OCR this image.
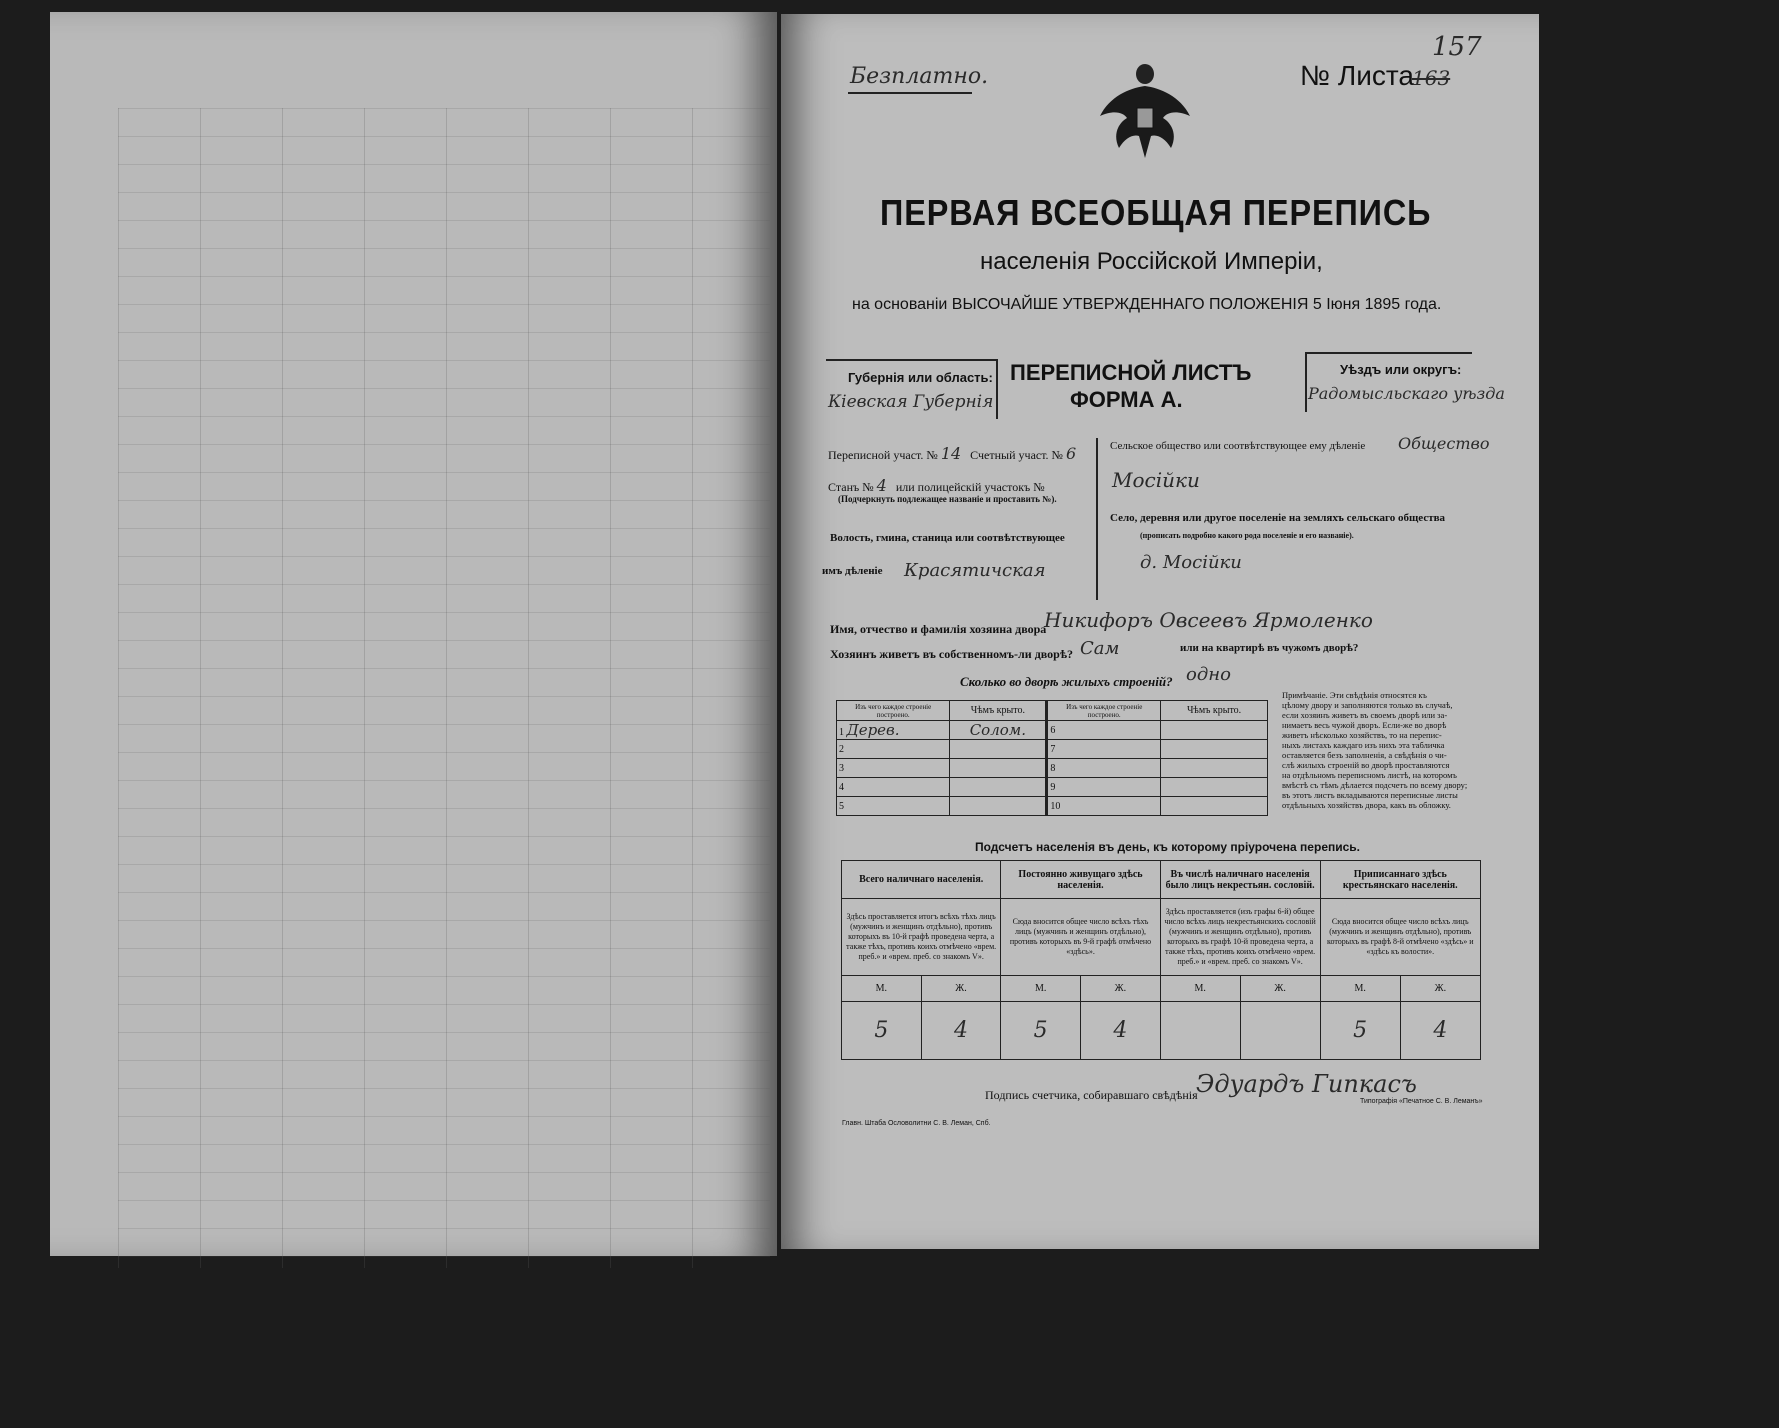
Безплатно.	№ Листа
163
157
ПЕРВАЯ ВСЕОБЩАЯ ПЕРЕПИСЬ
населенія Россійской Имперіи,
на основаніи ВЫСОЧАЙШЕ УТВЕРЖДЕННАГО ПОЛОЖЕНІЯ 5 Іюня 1895 года.
Губернія или область:
Кіевская Губернія
ПЕРЕПИСНОЙ ЛИСТЪ
ФОРМА А.
Уѣздъ или округъ:
Радомысльскаго уѣзда
Переписной участ. № 14 Счетный участ. № 6
Станъ № 4 или полицейскій участокъ №
(Подчеркнуть подлежащее названіе и проставить №).
Волость, гмина, станица или соотвѣтствующее
имъ дѣленіе Красятичская
Сельское общество или соотвѣтствующее ему дѣленіе Общество
Мосійки
Село, деревня или другое поселеніе на земляхъ сельскаго общества
(прописать подробно какого рода поселеніе и его названіе).
д. Мосійки
Имя, отчество и фамилія хозяина двора
Никифоръ Овсеевъ Ярмоленко
Хозяинъ живетъ въ собственномъ-ли дворѣ? Сам	или на квартирѣ въ чужомъ дворѣ?
Сколько во дворѣ жилыхъ строеній? одно
Изъ чего каждое строеніе построено.	Чѣмъ крыто.	Изъ чего каждое строеніе построено.	Чѣмъ крыто.
1 Дерев.	Солом.	6	
2		7	
3		8	
4		9	
5		10	
Примѣчаніе. Эти свѣдѣнія относятся къ
цѣлому двору и заполняются только въ случаѣ,
если хозяинъ живетъ въ своемъ дворѣ или за-
нимаетъ весь чужой дворъ. Если-же во дворѣ
живетъ нѣсколько хозяйствъ, то на перепис-
ныхъ листахъ каждаго изъ нихъ эта табличка
оставляется безъ заполненія, а свѣдѣнія о чи-
слѣ жилыхъ строеній во дворѣ проставляются
на отдѣльномъ переписномъ листѣ, на которомъ
вмѣстѣ съ тѣмъ дѣлается подсчетъ по всему двору;
въ этотъ листъ вкладываются переписные листы
отдѣльныхъ хозяйствъ двора, какъ въ обложку.
Подсчетъ населенія въ день, къ которому пріурочена перепись.
Всего наличнаго населенія.		Постоянно живущаго здѣсь населенія.		Въ числѣ наличнаго населенія было лицъ некрестьян. сословій.		Приписаннаго здѣсь крестьянскаго населенія.	
Здѣсь проставляется итогъ всѣхъ тѣхъ лицъ (мужчинъ и женщинъ отдѣльно), противъ которыхъ въ 10-й графѣ проведена черта, а также тѣхъ, противъ коихъ отмѣчено «врем. преб.» и «врем. преб. со знакомъ V».		Сюда вносится общее число всѣхъ тѣхъ лицъ (мужчинъ и женщинъ отдѣльно), противъ которыхъ въ 9-й графѣ отмѣчено «здѣсь».		Здѣсь проставляется (изъ графы 6-й) общее число всѣхъ лицъ некрестьянскихъ сословій (мужчинъ и женщинъ отдѣльно), противъ которыхъ въ графѣ 10-й проведена черта, а также тѣхъ, противъ коихъ отмѣчено «врем. преб.» и «врем. преб. со знакомъ V».		Сюда вносится общее число всѣхъ лицъ (мужчинъ и женщинъ отдѣльно), противъ которыхъ въ графѣ 8-й отмѣчено «здѣсь» и «здѣсь къ волости».	
М.	Ж.	М.	Ж.	М.	Ж.	М.	Ж.
5	4	5	4			5	4
Подпись счетчика, собиравшаго свѣдѣнія
Эдуардъ Гипкасъ
Главн. Штаба Ословолитни С. В. Леман, Спб.
Типографія «Печатное С. В. Леманъ»
